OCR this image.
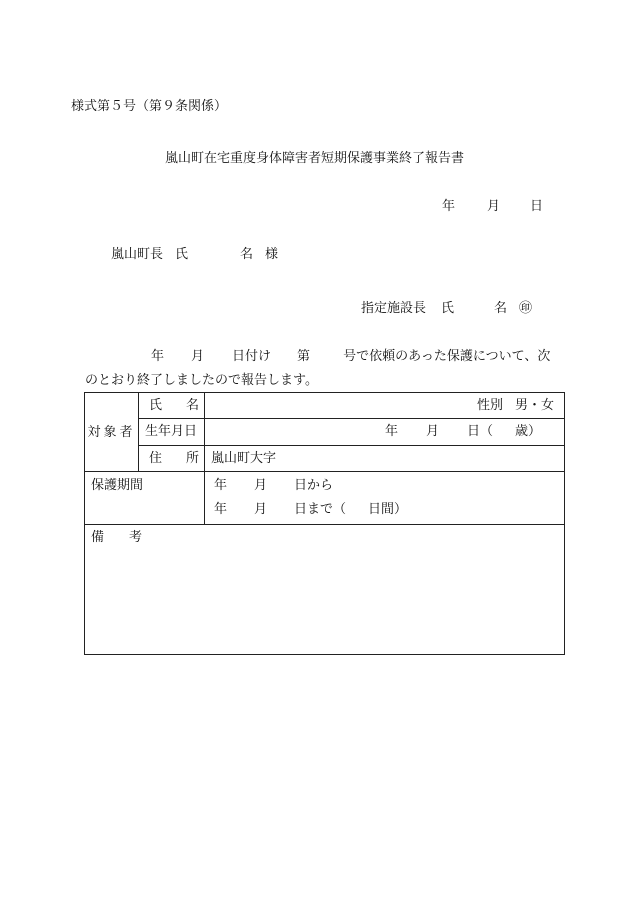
様式第５号（第９条関係）
嵐山町在宅重度身体障害者短期保護事業終了報告書
年 月 日
嵐山町長 氏	名 様
指定施設長 氏	名 ㊞
年 月 日付け 第	号で依頼のあった保護について、次
のとおり終了しましたので報告します。
対象者	氏 名	性別 男・女

	生年月日	年 月 日（ 歳）

	住 所	嵐山町大字

保護期間		年 月 日から
年 月 日まで（ 日間）

備 考		
